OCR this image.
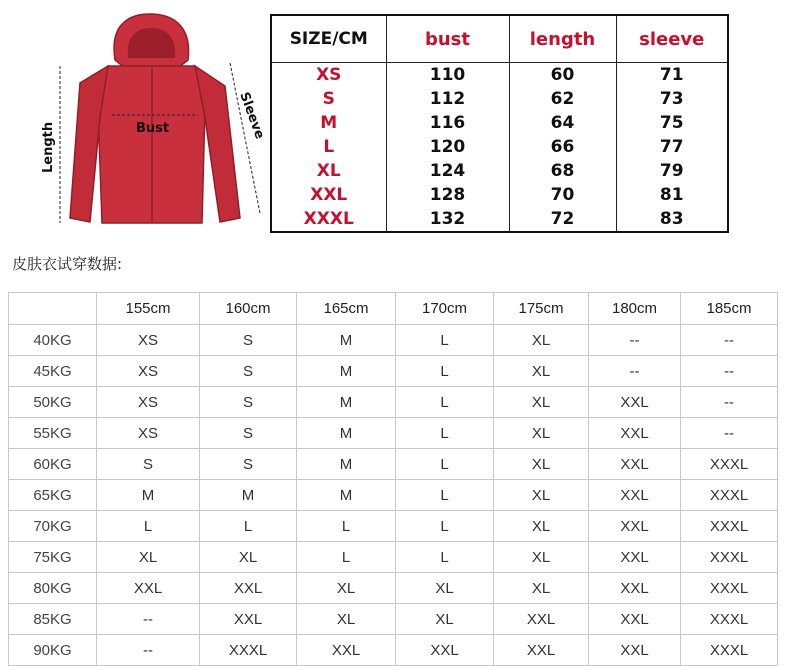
Length	Bust	Sleeve
SIZE/CM	bust	length	sleeve
XS	110	60	71
S	112	62	73
M	116	64	75
L	120	66	77
XL	124	68	79
XXL	128	70	81
XXXL	132	72	83
皮肤衣试穿数据:
	155cm	160cm	165cm	170cm	175cm	180cm	185cm
40KG	XS	S	M	L	XL	--	--
45KG	XS	S	M	L	XL	--	--
50KG	XS	S	M	L	XL	XXL	--
55KG	XS	S	M	L	XL	XXL	--
60KG	S	S	M	L	XL	XXL	XXXL
65KG	M	M	M	L	XL	XXL	XXXL
70KG	L	L	L	L	XL	XXL	XXXL
75KG	XL	XL	L	L	XL	XXL	XXXL
80KG	XXL	XXL	XL	XL	XL	XXL	XXXL
85KG	--	XXL	XL	XL	XXL	XXL	XXXL
90KG	--	XXXL	XXL	XXL	XXL	XXL	XXXL
